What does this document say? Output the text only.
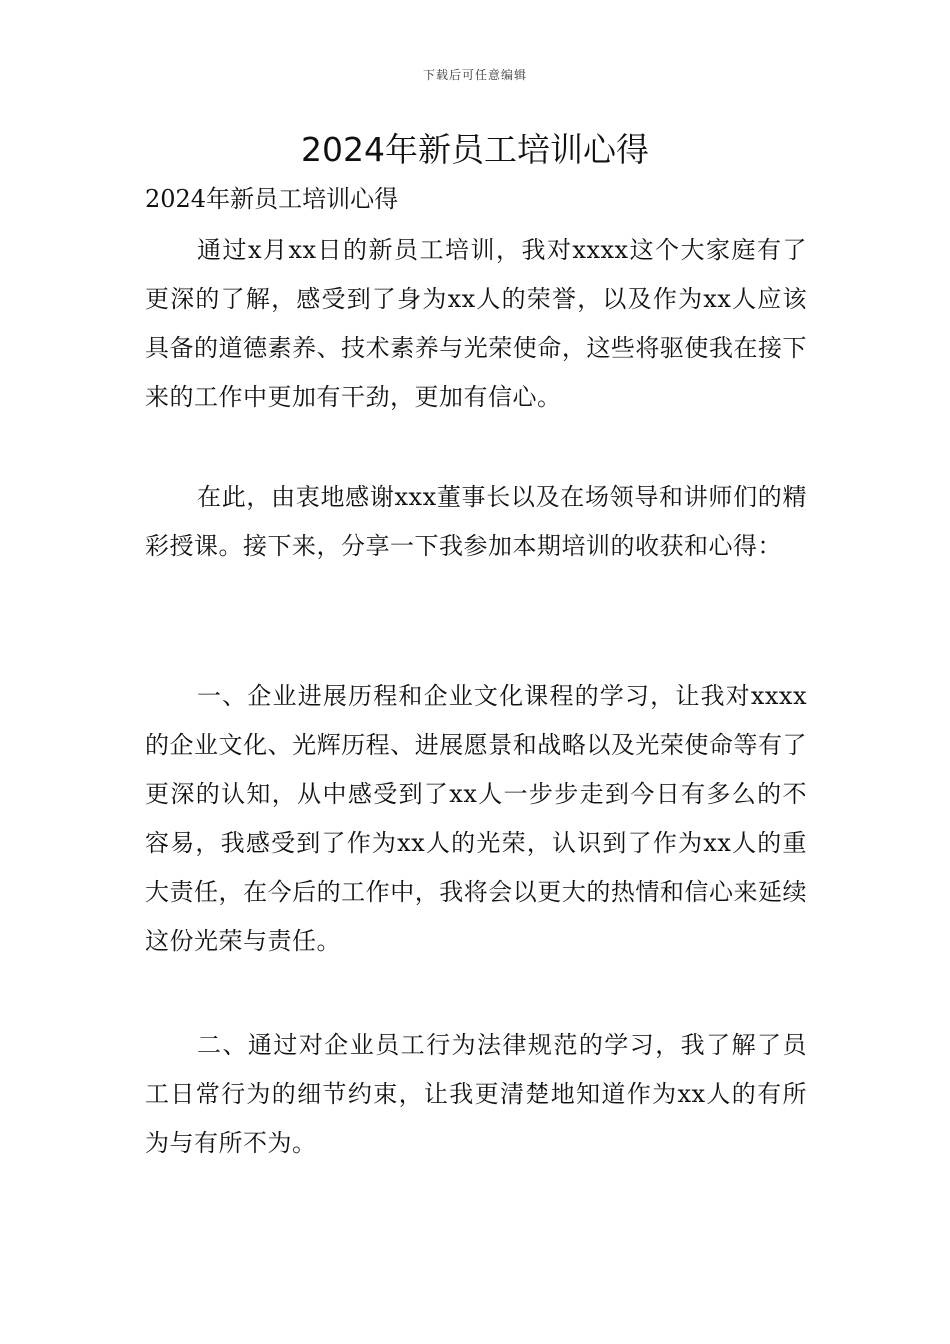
下载后可任意编辑
2024年新员工培训心得
2024年新员工培训心得

通过x月xx日的新员工培训，我对xxxx这个大家庭有了更深的了解，感受到了身为xx人的荣誉，以及作为xx人应该具备的道德素养、技术素养与光荣使命，这些将驱使我在接下来的工作中更加有干劲，更加有信心。

在此，由衷地感谢xxx董事长以及在场领导和讲师们的精彩授课。接下来，分享一下我参加本期培训的收获和心得：

一、企业进展历程和企业文化课程的学习，让我对xxxx的企业文化、光辉历程、进展愿景和战略以及光荣使命等有了更深的认知，从中感受到了xx人一步步走到今日有多么的不容易，我感受到了作为xx人的光荣，认识到了作为xx人的重大责任，在今后的工作中，我将会以更大的热情和信心来延续这份光荣与责任。

二、通过对企业员工行为法律规范的学习，我了解了员工日常行为的细节约束，让我更清楚地知道作为xx人的有所为与有所不为。
